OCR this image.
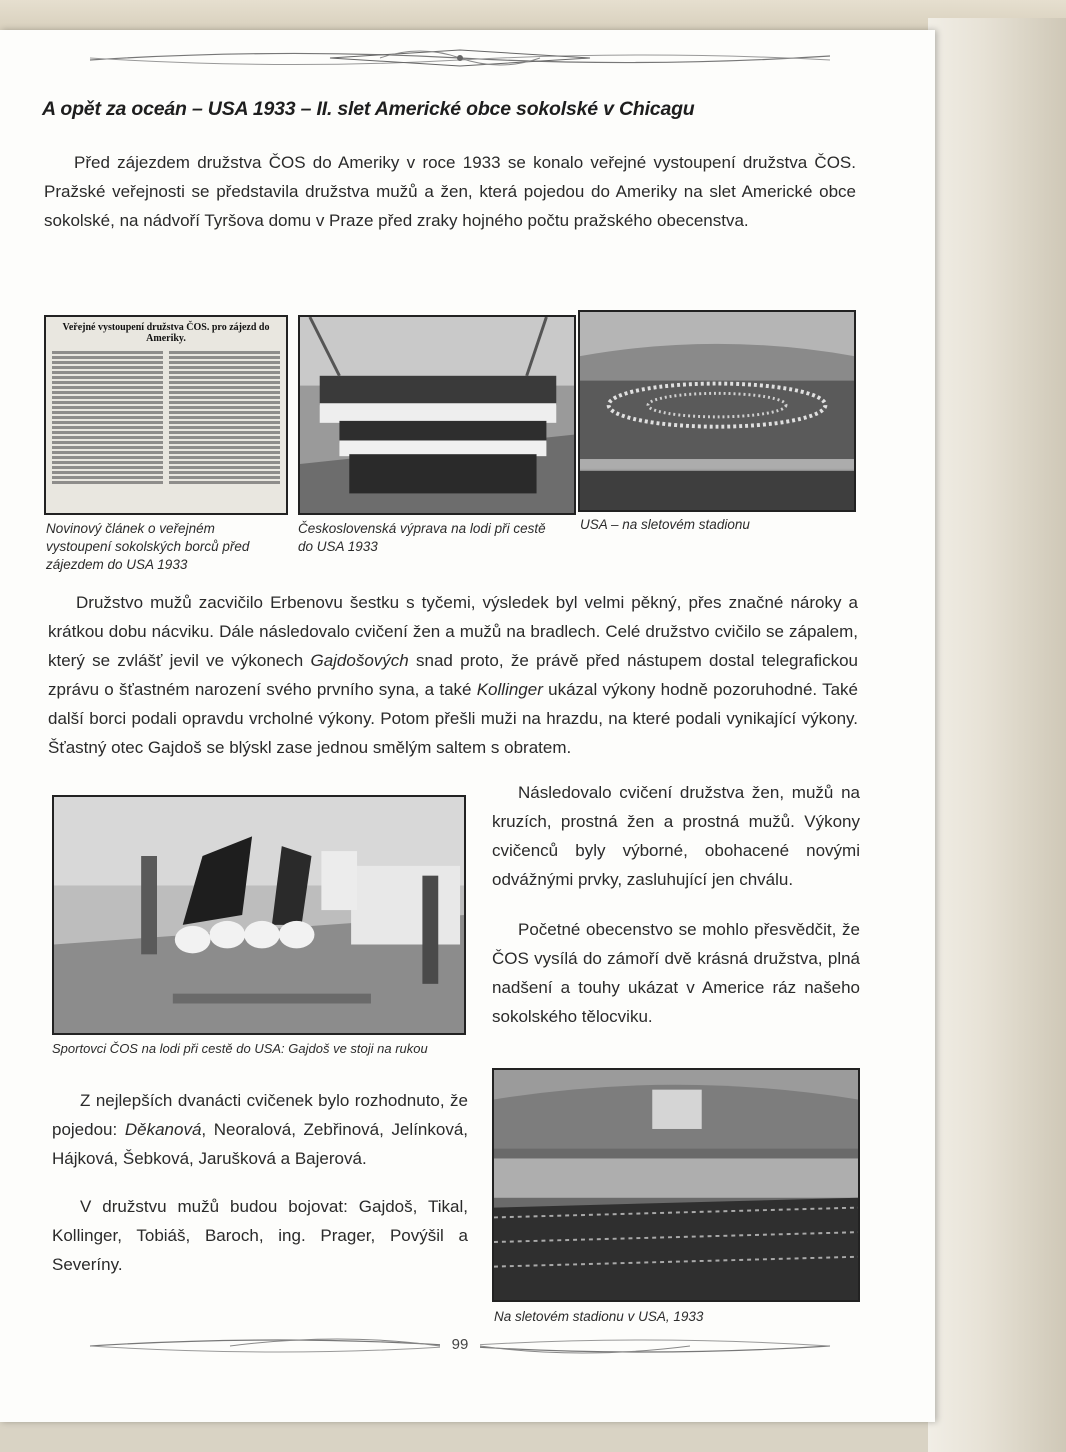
A opět za oceán – USA 1933 – II. slet Americké obce sokolské v Chicagu

Před zájezdem družstva ČOS do Ameriky v roce 1933 se konalo veřejné vystoupení družstva ČOS. Pražské veřejnosti se představila družstva mužů a žen, která pojedou do Ameriky na slet Americké obce sokolské, na nádvoří Tyršova domu v Praze před zraky hojného počtu pražského obecenstva.

Veřejné vystoupení družstva ČOS. pro zájezd do Ameriky.
Novinový článek o veřejném vystoupení sokolských borců před zájezdem do USA 1933
Československá výprava na lodi při cestě do USA 1933
USA – na sletovém stadionu

Družstvo mužů zacvičilo Erbenovu šestku s tyčemi, výsledek byl velmi pěkný, přes značné nároky a krátkou dobu nácviku. Dále následovalo cvičení žen a mužů na bradlech. Celé družstvo cvičilo se zápalem, který se zvlášť jevil ve výkonech Gajdošových snad proto, že právě před nástupem dostal telegrafickou zprávu o šťastném narození svého prvního syna, a také Kollinger ukázal výkony hodně pozoruhodné. Také další borci podali opravdu vrcholné výkony. Potom přešli muži na hrazdu, na které podali vynikající výkony. Šťastný otec Gajdoš se blýskl zase jednou smělým saltem s obratem.

Sportovci ČOS na lodi při cestě do USA: Gajdoš ve stoji na rukou

Následovalo cvičení družstva žen, mužů na kruzích, prostná žen a prostná mužů. Výkony cvičenců byly výborné, obohacené novými odvážnými prvky, zasluhující jen chválu.

Početné obecenstvo se mohlo přesvědčit, že ČOS vysílá do zámoří dvě krásná družstva, plná nadšení a touhy ukázat v Americe ráz našeho sokolského tělocviku.

Z nejlepších dvanácti cvičenek bylo rozhodnuto, že pojedou: Děkanová, Neoralová, Zebřinová, Jelínková, Hájková, Šebková, Jarušková a Bajerová.

V družstvu mužů budou bojovat: Gajdoš, Tikal, Kollinger, Tobiáš, Baroch, ing. Prager, Povýšil a Severíny.

Na sletovém stadionu v USA, 1933
99
